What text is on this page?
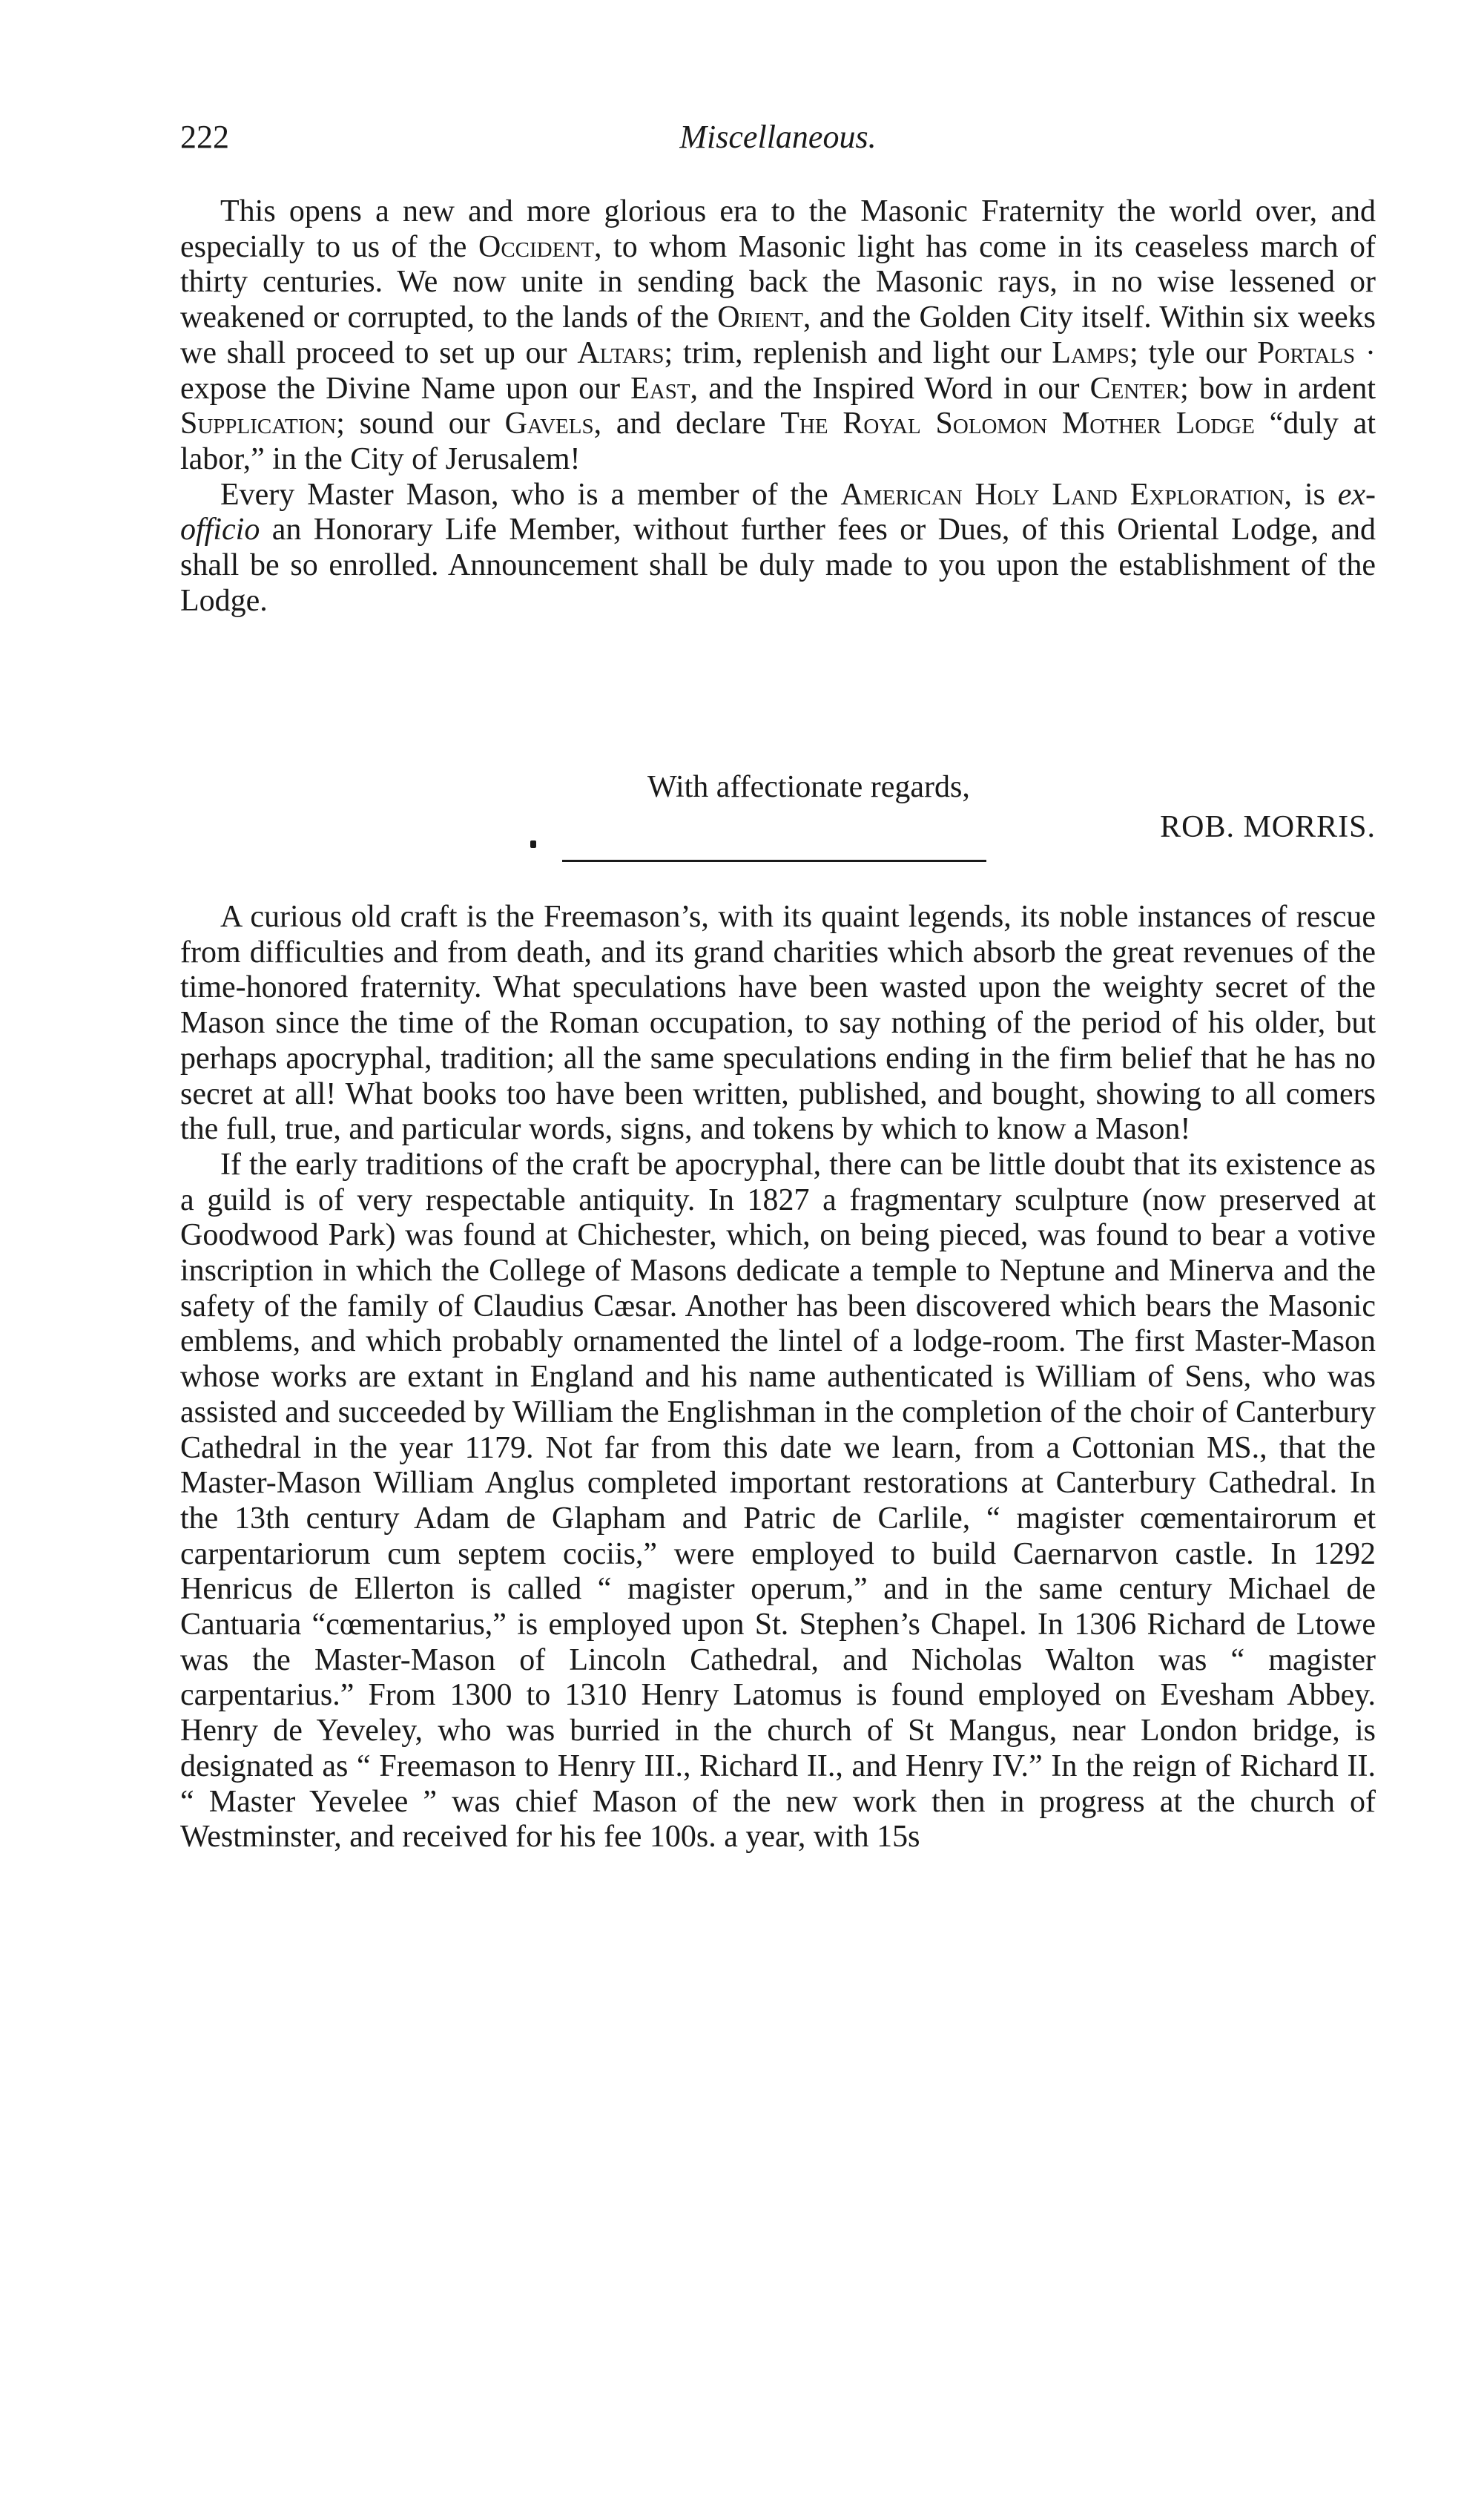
222	Miscellaneous.

This opens a new and more glorious era to the Masonic Fraternity the world over, and especially to us of the Occident, to whom Masonic light has come in its ceaseless march of thirty centuries. We now unite in sending back the Masonic rays, in no wise lessened or weakened or corrupted, to the lands of the Orient, and the Golden City itself. Within six weeks we shall proceed to set up our Altars; trim, replenish and light our Lamps; tyle our Portals · expose the Divine Name upon our East, and the Inspired Word in our Center; bow in ardent Supplication; sound our Gavels, and declare The Royal Solomon Mother Lodge “duly at labor,” in the City of Jerusalem!

Every Master Mason, who is a member of the American Holy Land Exploration, is ex-officio an Honorary Life Member, without further fees or Dues, of this Oriental Lodge, and shall be so enrolled. Announcement shall be duly made to you upon the establishment of the Lodge.

With affectionate regards,
ROB. MORRIS.

A curious old craft is the Freemason’s, with its quaint legends, its noble instances of rescue from difficulties and from death, and its grand charities which absorb the great revenues of the time-honored fraternity. What speculations have been wasted upon the weighty secret of the Mason since the time of the Roman occupation, to say nothing of the period of his older, but perhaps apocryphal, tradition; all the same speculations ending in the firm belief that he has no secret at all! What books too have been written, published, and bought, showing to all comers the full, true, and particular words, signs, and tokens by which to know a Mason!

If the early traditions of the craft be apocryphal, there can be little doubt that its existence as a guild is of very respectable antiquity. In 1827 a fragmentary sculpture (now preserved at Goodwood Park) was found at Chichester, which, on being pieced, was found to bear a votive inscription in which the College of Masons dedicate a temple to Neptune and Minerva and the safety of the family of Claudius Cæsar. Another has been discovered which bears the Masonic emblems, and which probably ornamented the lintel of a lodge-room. The first Master-Mason whose works are extant in England and his name authenticated is William of Sens, who was assisted and succeeded by William the Englishman in the completion of the choir of Canterbury Cathedral in the year 1179. Not far from this date we learn, from a Cottonian MS., that the Master-Mason William Anglus completed important restorations at Canterbury Cathedral. In the 13th century Adam de Glapham and Patric de Carlile, “ magister cœmentairorum et carpentariorum cum septem cociis,” were employed to build Caernarvon castle. In 1292 Henricus de Ellerton is called “ magister operum,” and in the same century Michael de Cantuaria “cœmentarius,” is employed upon St. Stephen’s Chapel. In 1306 Richard de Ltowe was the Master-Mason of Lincoln Cathedral, and Nicholas Walton was “ magister carpentarius.” From 1300 to 1310 Henry Latomus is found employed on Evesham Abbey. Henry de Yeveley, who was burried in the church of St Mangus, near London bridge, is designated as “ Freemason to Henry III., Richard II., and Henry IV.” In the reign of Richard II. “ Master Yevelee ” was chief Mason of the new work then in progress at the church of Westminster, and received for his fee 100s. a year, with 15s
